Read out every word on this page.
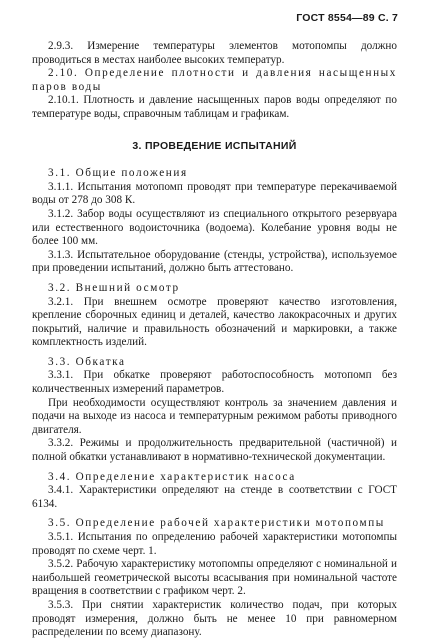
ГОСТ 8554—89 С. 7

2.9.3. Измерение температуры элементов мотопомпы должно проводиться в местах наиболее высоких температур.

2.10. Определение плотности и давления насыщенных паров воды

2.10.1. Плотность и давление насыщенных паров воды определяют по температуре воды, справочным таблицам и графикам.

3. ПРОВЕДЕНИЕ ИСПЫТАНИЙ

3.1. Общие положения

3.1.1. Испытания мотопомп проводят при температуре перекачиваемой воды от 278 до 308 К.

3.1.2. Забор воды осуществляют из специального открытого резервуара или естественного водоисточника (водоема). Колебание уровня воды не более 100 мм.

3.1.3. Испытательное оборудование (стенды, устройства), используемое при проведении испытаний, должно быть аттестовано.

3.2. Внешний осмотр

3.2.1. При внешнем осмотре проверяют качество изготовления, крепление сборочных единиц и деталей, качество лакокрасочных и других покрытий, наличие и правильность обозначений и маркировки, а также комплектность изделий.

3.3. Обкатка

3.3.1. При обкатке проверяют работоспособность мотопомп без количественных измерений параметров.

При необходимости осуществляют контроль за значением давления и подачи на выходе из насоса и температурным режимом работы приводного двигателя.

3.3.2. Режимы и продолжительность предварительной (частичной) и полной обкатки устанавливают в нормативно-технической документации.

3.4. Определение характеристик насоса

3.4.1. Характеристики определяют на стенде в соответствии с ГОСТ 6134.

3.5. Определение рабочей характеристики мотопомпы

3.5.1. Испытания по определению рабочей характеристики мотопомпы проводят по схеме черт. 1.

3.5.2. Рабочую характеристику мотопомпы определяют с номинальной и наибольшей геометрической высоты всасывания при номинальной частоте вращения в соответствии с графиком черт. 2.

3.5.3. При снятии характеристик количество подач, при которых проводят измерения, должно быть не менее 10 при равномерном распределении по всему диапазону.
